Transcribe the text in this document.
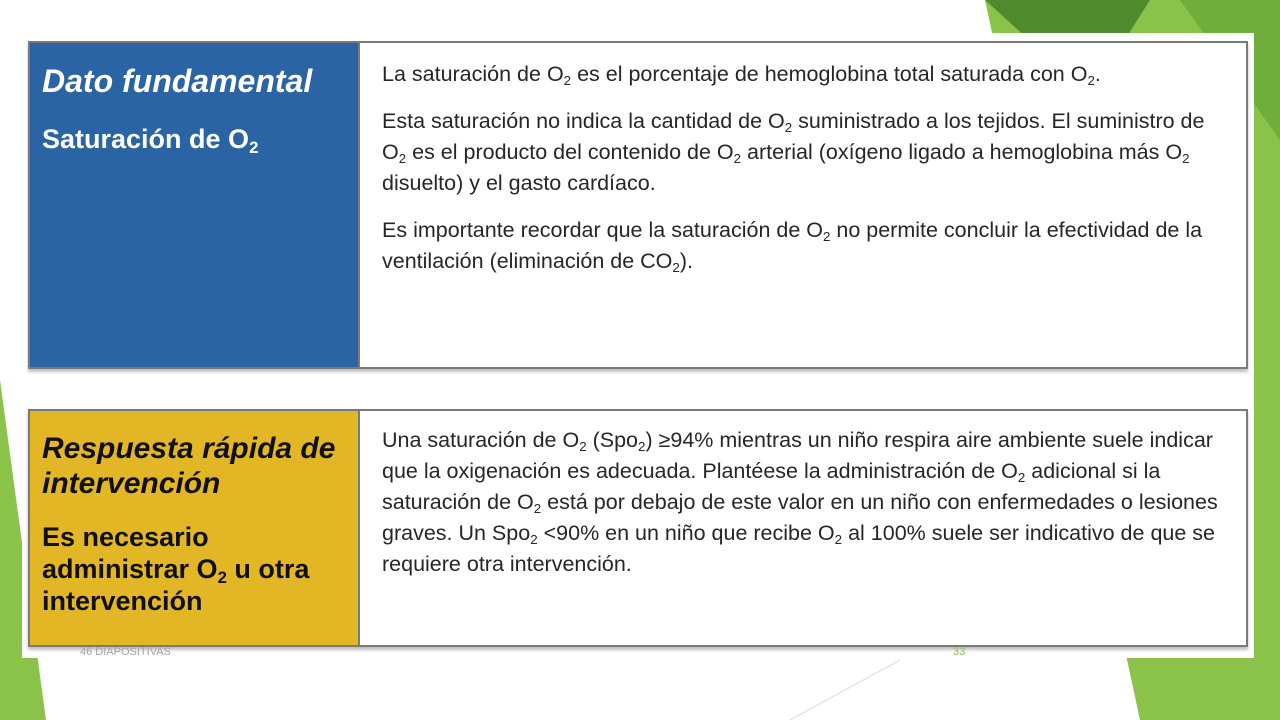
Dato fundamental
Saturación de $O_2$

La saturación de $O_2$ es el porcentaje de hemoglobina total saturada con $O_2$.

Esta saturación no indica la cantidad de $O_2$ suministrado a los tejidos. El suministro de $O_2$ es el producto del contenido de $O_2$ arterial (oxígeno ligado a hemoglobina más $O_2$ disuelto) y el gasto cardíaco.

Es importante recordar que la saturación de $O_2$ no permite concluir la efectividad de la ventilación (eliminación de $CO_2$).

Respuesta rápida de intervención
Es necesario administrar $O_2$ u otra intervención

Una saturación de $O_2$ (Spo$_2$) ≥94% mientras un niño respira aire ambiente suele indicar que la oxigenación es adecuada. Plantéese la administración de $O_2$ adicional si la saturación de $O_2$ está por debajo de este valor en un niño con enfermedades o lesiones graves. Un Spo$_2$ <90% en un niño que recibe $O_2$ al 100% suele ser indicativo de que se requiere otra intervención.

46 DIAPOSITIVAS	33
